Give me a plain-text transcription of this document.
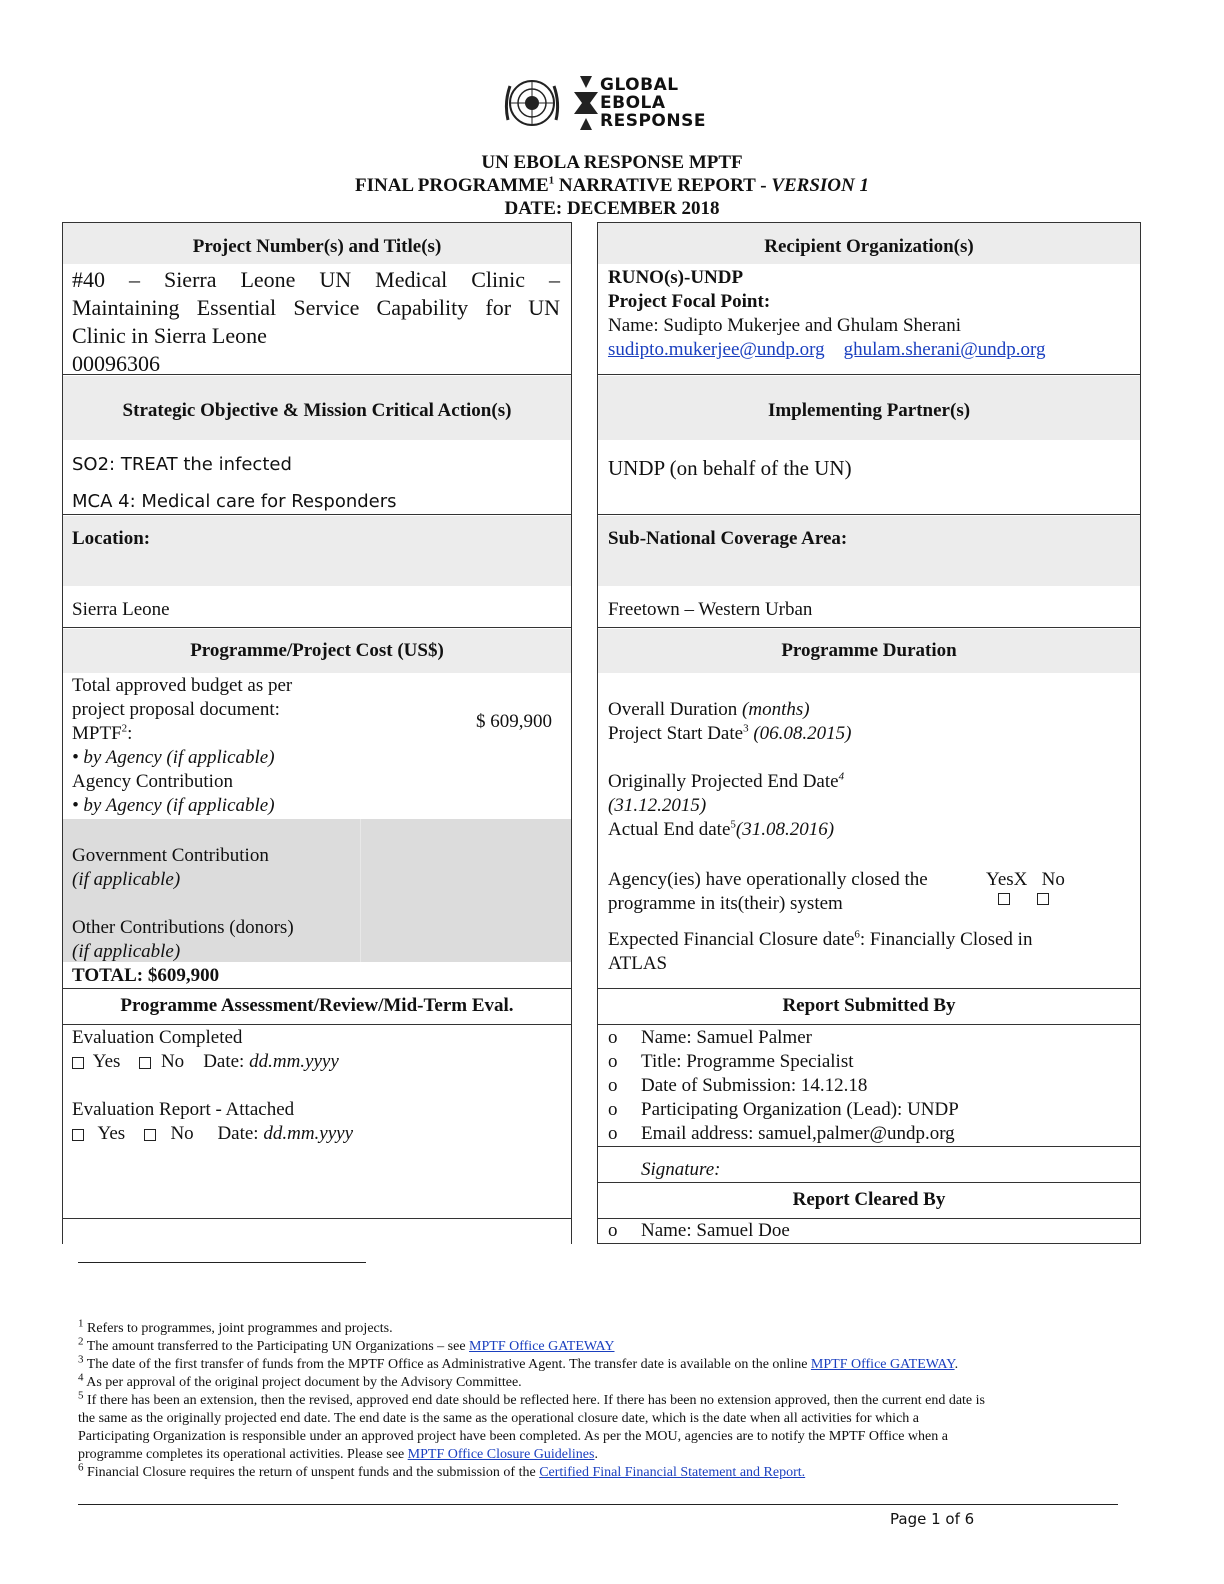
GLOBAL
EBOLA
RESPONSE
UN EBOLA RESPONSE MPTF
FINAL PROGRAMME$^1$ NARRATIVE REPORT - VERSION 1
DATE: DECEMBER 2018
Project Number(s) and Title(s)
#40 – Sierra Leone UN Medical Clinic –
Maintaining Essential Service Capability for UN
Clinic in Sierra Leone
00096306
Strategic Objective & Mission Critical Action(s)
SO2: TREAT the infected
MCA 4: Medical care for Responders
Location:
Sierra Leone
Programme/Project Cost (US$)
Total approved budget as per
project proposal document:
MPTF$^2$:
• by Agency (if applicable)
Agency Contribution
• by Agency (if applicable)
$ 609,900
Government Contribution
(if applicable)
Other Contributions (donors)
(if applicable)
TOTAL: $609,900
Programme Assessment/Review/Mid-Term Eval.
Evaluation Completed
Yes No Date: dd.mm.yyyy
Evaluation Report - Attached
Yes No Date: dd.mm.yyyy
Recipient Organization(s)
RUNO(s)-UNDP
Project Focal Point:
Name: Sudipto Mukerjee and Ghulam Sherani
sudipto.mukerjee@undp.org ghulam.sherani@undp.org
Implementing Partner(s)
UNDP (on behalf of the UN)
Sub-National Coverage Area:
Freetown – Western Urban
Programme Duration
Overall Duration (months)
Project Start Date$^3$ (06.08.2015)
Originally Projected End Date$^4$
(31.12.2015)
Actual End date$^5$(31.08.2016)
Agency(ies) have operationally closed the
programme in its(their) system
YesX No
Expected Financial Closure date$^6$: Financially Closed in
ATLAS
Report Submitted By
o Name: Samuel Palmer
o Title: Programme Specialist
o Date of Submission: 14.12.18
o Participating Organization (Lead): UNDP
o Email address: samuel,palmer@undp.org
Signature:
Report Cleared By
o Name: Samuel Doe
$^1$ Refers to programmes, joint programmes and projects.
$^2$ The amount transferred to the Participating UN Organizations – see MPTF Office GATEWAY
$^3$ The date of the first transfer of funds from the MPTF Office as Administrative Agent. The transfer date is available on the online MPTF Office GATEWAY.
$^4$ As per approval of the original project document by the Advisory Committee.
$^5$ If there has been an extension, then the revised, approved end date should be reflected here. If there has been no extension approved, then the current end date is
the same as the originally projected end date. The end date is the same as the operational closure date, which is the date when all activities for which a
Participating Organization is responsible under an approved project have been completed. As per the MOU, agencies are to notify the MPTF Office when a
programme completes its operational activities. Please see MPTF Office Closure Guidelines.
$^6$ Financial Closure requires the return of unspent funds and the submission of the Certified Final Financial Statement and Report.
Page 1 of 6
